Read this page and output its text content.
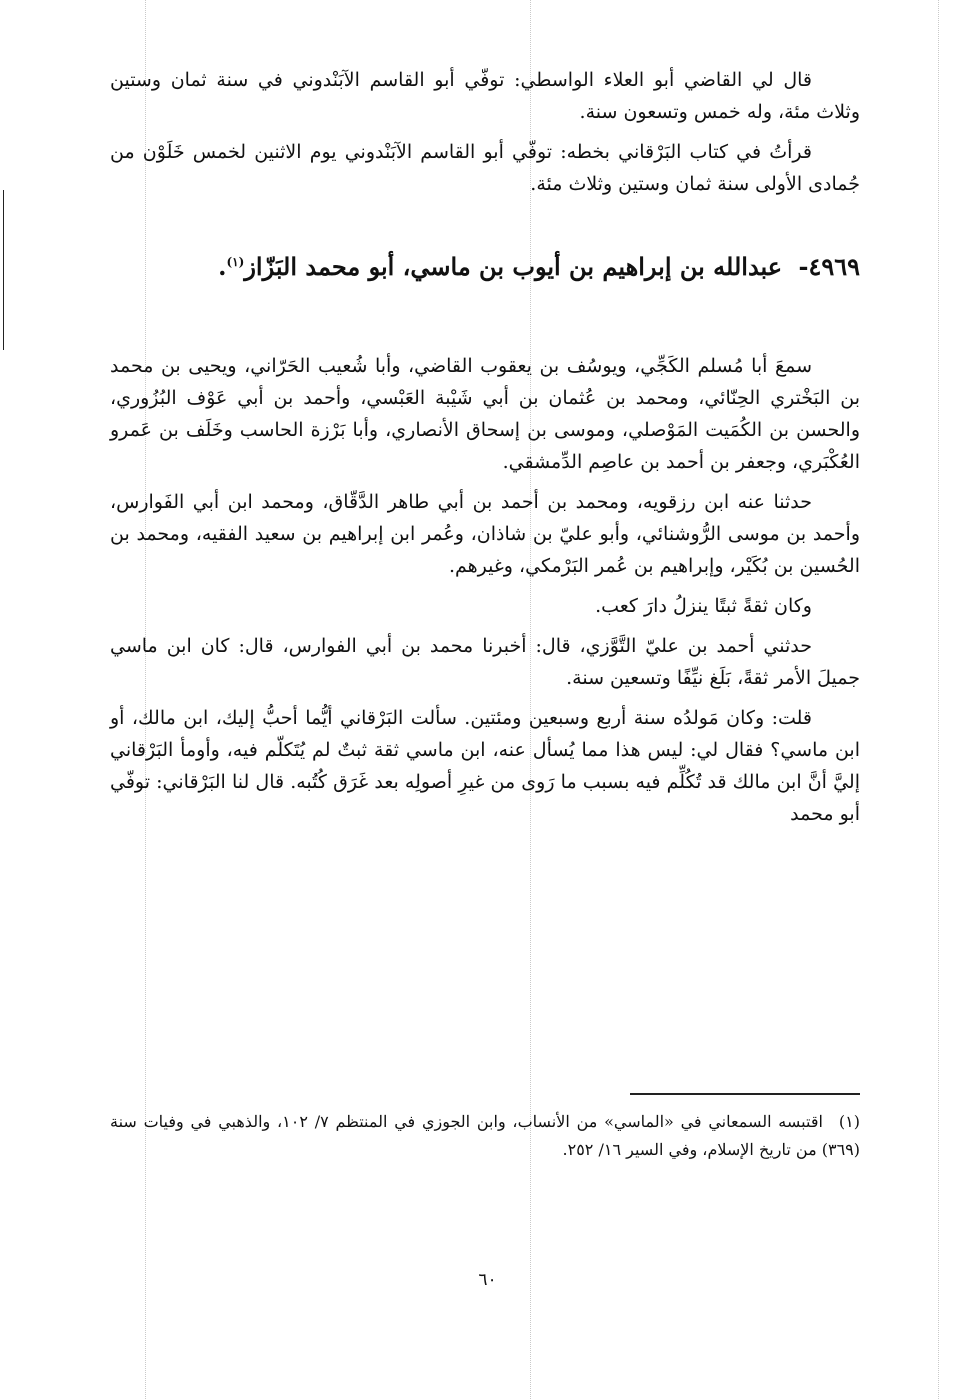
قال لي القاضي أبو العلاء الواسطي: توفّي أبو القاسم الآبَنْدوني في سنة ثمان وستين وثلاث مئة، وله خمس وتسعون سنة.

قرأتُ في كتاب البَرْقاني بخطه: توفّي أبو القاسم الآبَنْدوني يوم الاثنين لخمس خَلَوْن من جُمادى الأولى سنة ثمان وستين وثلاث مئة.

٤٩٦٩- عبدالله بن إبراهيم بن أيوب بن ماسي، أبو محمد البَزّاز$^{(١)}$.

سمعَ أبا مُسلم الكَجِّي، ويوسُف بن يعقوب القاضي، وأبا شُعيب الحَرّاني، ويحيى بن محمد بن البَخْتري الحِنّائي، ومحمد بن عُثمان بن أبي شَيْبة العَبْسي، وأحمد بن أبي عَوْف البُزُوري، والحسن بن الكُمَيت المَوْصلي، وموسى بن إسحاق الأنصاري، وأبا بَرْزة الحاسب وخَلَف بن عَمرو العُكْبَري، وجعفر بن أحمد بن عاصِم الدِّمشقي.

حدثنا عنه ابن رزقويه، ومحمد بن أحمد بن أبي طاهر الدَّقّاق، ومحمد ابن أبي الفَوارس، وأحمد بن موسى الرُّوشنائي، وأبو عليّ بن شاذان، وعُمر ابن إبراهيم بن سعيد الفقيه، ومحمد بن الحُسين بن بُكَيْر، وإبراهيم بن عُمر البَرْمكي، وغيرهم.

وكان ثقةً ثبتًا ينزلُ دارَ كعب.

حدثني أحمد بن عليّ التَّوَّزي، قال: أخبرنا محمد بن أبي الفوارس، قال: كان ابن ماسي جميلَ الأمر ثقةً، بَلَغ نيِّفًا وتسعين سنة.

قلت: وكان مَولدُه سنة أربع وسبعين ومئتين. سألت البَرْقاني أيُّما أحبُّ إليك، ابن مالك، أو ابن ماسي؟ فقال لي: ليس هذا مما يُسأل عنه، ابن ماسي ثقة ثبتٌ لم يُتَكلّم فيه، وأومأ البَرْقاني إليَّ أنَّ ابن مالك قد تُكُلِّم فيه بسبب ما رَوى من غيرِ أصولِه بعد غَرَق كُتُبه. قال لنا البَرْقاني: توفّي أبو محمد

(١)اقتبسه السمعاني في «الماسي» من الأنساب، وابن الجوزي في المنتظم ٧/ ١٠٢، والذهبي في وفيات سنة (٣٦٩) من تاريخ الإسلام، وفي السير ١٦/ ٢٥٢.
٦٠
